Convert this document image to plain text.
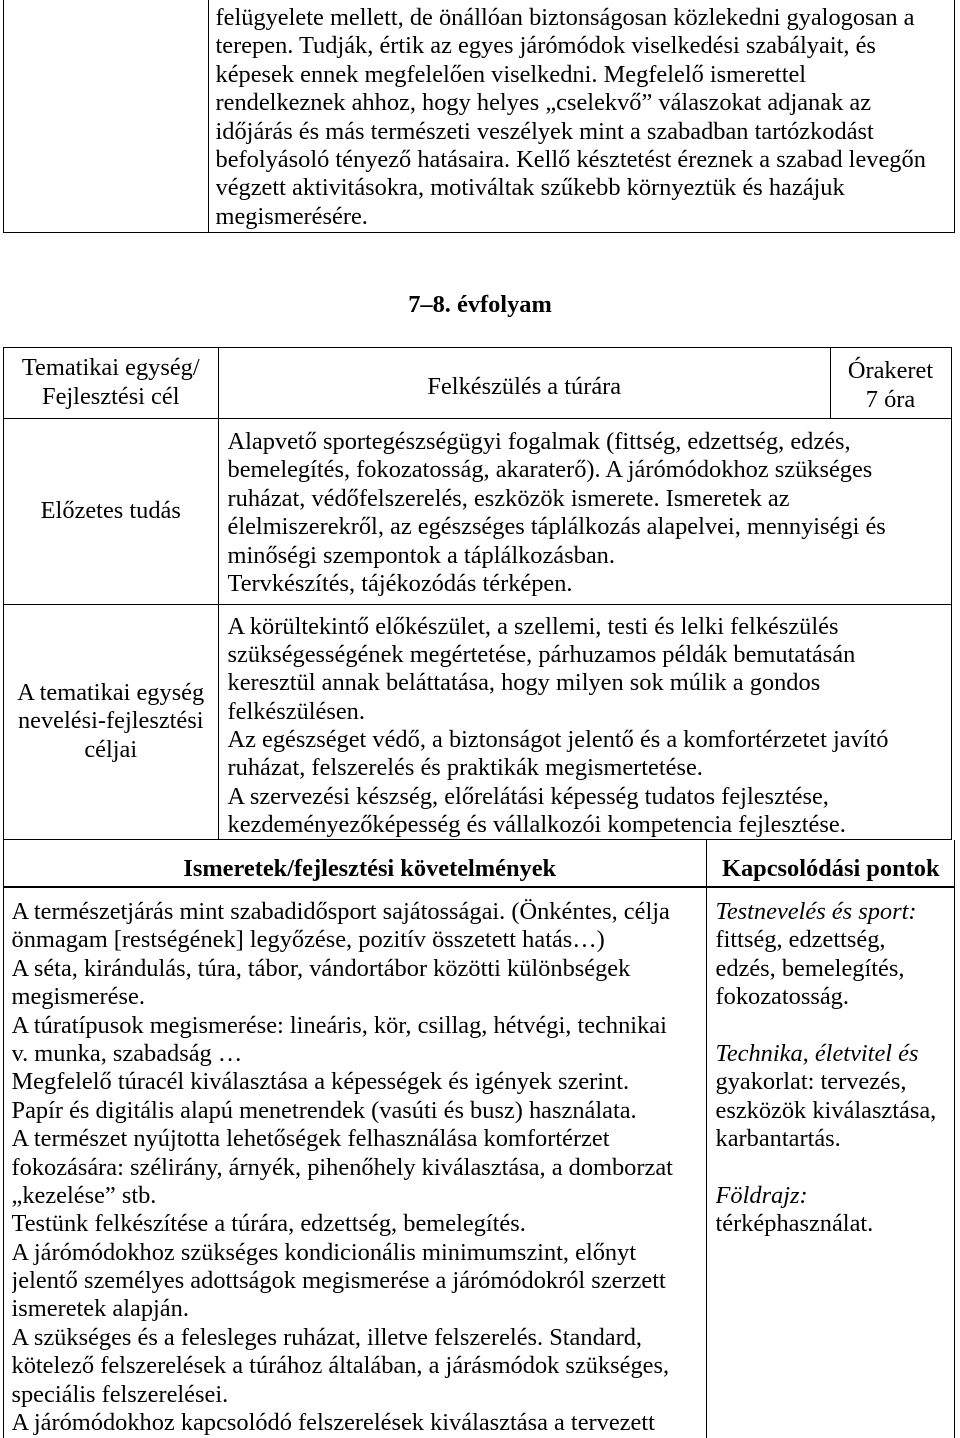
felügyelete mellett, de önállóan biztonságosan közlekedni gyalogosan a
terepen. Tudják, értik az egyes járómódok viselkedési szabályait, és
képesek ennek megfelelően viselkedni. Megfelelő ismerettel
rendelkeznek ahhoz, hogy helyes „cselekvő” válaszokat adjanak az
időjárás és más természeti veszélyek mint a szabadban tartózkodást
befolyásoló tényező hatásaira. Kellő késztetést éreznek a szabad levegőn
végzett aktivitásokra, motiváltak szűkebb környeztük és hazájuk
megismerésére.
7–8. évfolyam
Tematikai egység/
Fejlesztési cél	Felkészülés a túrára
Órakeret
7 óra
Előzetes tudás
Alapvető sportegészségügyi fogalmak (fittség, edzettség, edzés,
bemelegítés, fokozatosság, akaraterő). A járómódokhoz szükséges
ruházat, védőfelszerelés, eszközök ismerete. Ismeretek az
élelmiszerekről, az egészséges táplálkozás alapelvei, mennyiségi és
minőségi szempontok a táplálkozásban.
Tervkészítés, tájékozódás térképen.
A tematikai egység
nevelési-fejlesztési
céljai
A körültekintő előkészület, a szellemi, testi és lelki felkészülés
szükségességének megértetése, párhuzamos példák bemutatásán
keresztül annak beláttatása, hogy milyen sok múlik a gondos
felkészülésen.
Az egészséget védő, a biztonságot jelentő és a komfortérzetet javító
ruházat, felszerelés és praktikák megismertetése.
A szervezési készség, előrelátási képesség tudatos fejlesztése,
kezdeményezőképesség és vállalkozói kompetencia fejlesztése.
Ismeretek/fejlesztési követelmények	Kapcsolódási pontok
A természetjárás mint szabadidősport sajátosságai. (Önkéntes, célja
önmagam [restségének] legyőzése, pozitív összetett hatás…)
A séta, kirándulás, túra, tábor, vándortábor közötti különbségek
megismerése.
A túratípusok megismerése: lineáris, kör, csillag, hétvégi, technikai
v. munka, szabadság …
Megfelelő túracél kiválasztása a képességek és igények szerint.
Papír és digitális alapú menetrendek (vasúti és busz) használata.
A természet nyújtotta lehetőségek felhasználása komfortérzet
fokozására: szélirány, árnyék, pihenőhely kiválasztása, a domborzat
„kezelése” stb.
Testünk felkészítése a túrára, edzettség, bemelegítés.
A járómódokhoz szükséges kondicionális minimumszint, előnyt
jelentő személyes adottságok megismerése a járómódokról szerzett
ismeretek alapján.
A szükséges és a felesleges ruházat, illetve felszerelés. Standard,
kötelező felszerelések a túrához általában, a járásmódok szükséges,
speciális felszerelései.
A járómódokhoz kapcsolódó felszerelések kiválasztása a tervezett
Testnevelés és sport:
fittség, edzettség,
edzés, bemelegítés,
fokozatosság.
Technika, életvitel és
gyakorlat: tervezés,
eszközök kiválasztása,
karbantartás.
Földrajz:
térképhasználat.
